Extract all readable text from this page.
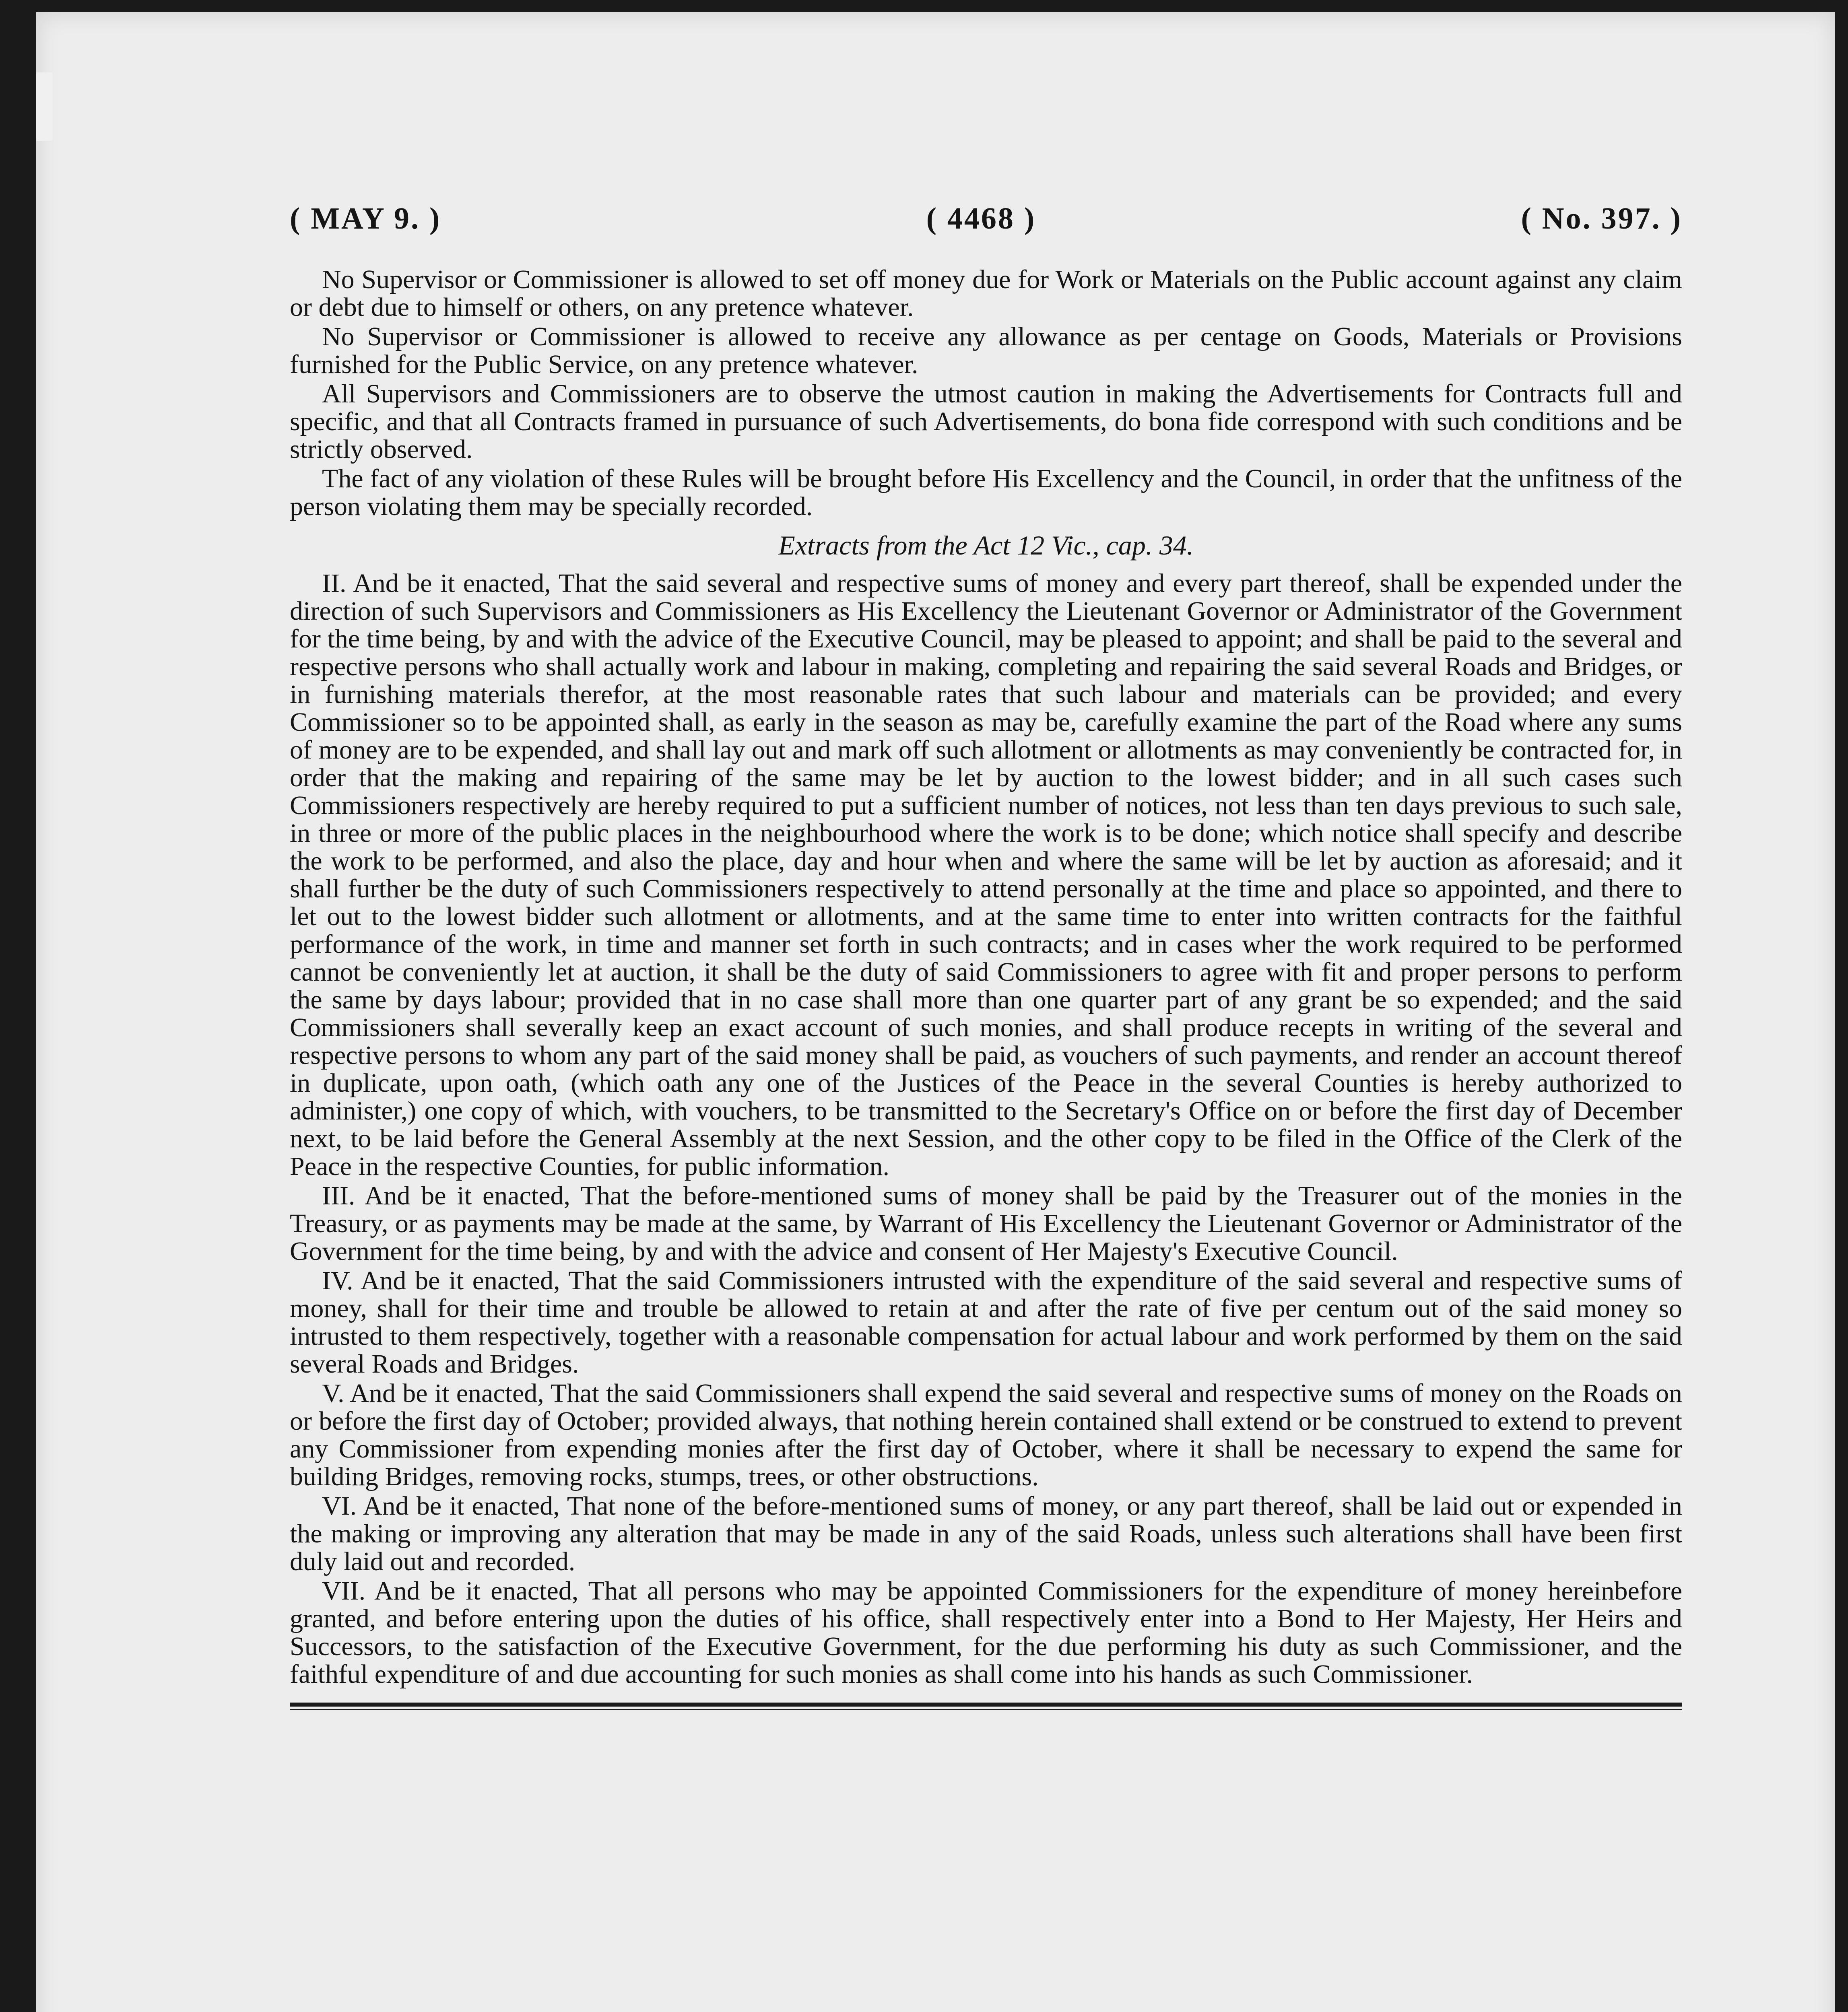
( MAY 9. )	( 4468 )	( No. 397. )

No Supervisor or Commissioner is allowed to set off money due for Work or Materials on the Public account against any claim or debt due to himself or others, on any pretence whatever.

No Supervisor or Commissioner is allowed to receive any allowance as per centage on Goods, Materials or Provisions furnished for the Public Service, on any pretence whatever.

All Supervisors and Commissioners are to observe the utmost caution in making the Advertisements for Contracts full and specific, and that all Contracts framed in pursuance of such Advertisements, do bona fide correspond with such conditions and be strictly observed.

The fact of any violation of these Rules will be brought before His Excellency and the Council, in order that the unfitness of the person violating them may be specially recorded.

Extracts from the Act 12 Vic., cap. 34.

II. And be it enacted, That the said several and respective sums of money and every part thereof, shall be expended under the direction of such Supervisors and Commissioners as His Excellency the Lieutenant Governor or Administrator of the Government for the time being, by and with the advice of the Executive Council, may be pleased to appoint; and shall be paid to the several and respective persons who shall actually work and labour in making, completing and repairing the said several Roads and Bridges, or in furnishing materials therefor, at the most reasonable rates that such labour and materials can be provided; and every Commissioner so to be appointed shall, as early in the season as may be, carefully examine the part of the Road where any sums of money are to be expended, and shall lay out and mark off such allotment or allotments as may conveniently be contracted for, in order that the making and repairing of the same may be let by auction to the lowest bidder; and in all such cases such Commissioners respectively are hereby required to put a sufficient number of notices, not less than ten days previous to such sale, in three or more of the public places in the neighbourhood where the work is to be done; which notice shall specify and describe the work to be performed, and also the place, day and hour when and where the same will be let by auction as aforesaid; and it shall further be the duty of such Commissioners respectively to attend personally at the time and place so appointed, and there to let out to the lowest bidder such allotment or allotments, and at the same time to enter into written contracts for the faithful performance of the work, in time and manner set forth in such contracts; and in cases wher the work required to be performed cannot be conveniently let at auction, it shall be the duty of said Commissioners to agree with fit and proper persons to perform the same by days labour; provided that in no case shall more than one quarter part of any grant be so expended; and the said Commissioners shall severally keep an exact account of such monies, and shall produce recepts in writing of the several and respective persons to whom any part of the said money shall be paid, as vouchers of such payments, and render an account thereof in duplicate, upon oath, (which oath any one of the Justices of the Peace in the several Counties is hereby authorized to administer,) one copy of which, with vouchers, to be transmitted to the Secretary's Office on or before the first day of December next, to be laid before the General Assembly at the next Session, and the other copy to be filed in the Office of the Clerk of the Peace in the respective Counties, for public information.

III. And be it enacted, That the before-mentioned sums of money shall be paid by the Treasurer out of the monies in the Treasury, or as payments may be made at the same, by Warrant of His Excellency the Lieutenant Governor or Administrator of the Government for the time being, by and with the advice and consent of Her Majesty's Executive Council.

IV. And be it enacted, That the said Commissioners intrusted with the expenditure of the said several and respective sums of money, shall for their time and trouble be allowed to retain at and after the rate of five per centum out of the said money so intrusted to them respectively, together with a reasonable compensation for actual labour and work performed by them on the said several Roads and Bridges.

V. And be it enacted, That the said Commissioners shall expend the said several and respective sums of money on the Roads on or before the first day of October; provided always, that nothing herein contained shall extend or be construed to extend to prevent any Commissioner from expending monies after the first day of October, where it shall be necessary to expend the same for building Bridges, removing rocks, stumps, trees, or other obstructions.

VI. And be it enacted, That none of the before-mentioned sums of money, or any part thereof, shall be laid out or expended in the making or improving any alteration that may be made in any of the said Roads, unless such alterations shall have been first duly laid out and recorded.

VII. And be it enacted, That all persons who may be appointed Commissioners for the expenditure of money hereinbefore granted, and before entering upon the duties of his office, shall respectively enter into a Bond to Her Majesty, Her Heirs and Successors, to the satisfaction of the Executive Government, for the due performing his duty as such Commissioner, and the faithful expenditure of and due accounting for such monies as shall come into his hands as such Commissioner.
